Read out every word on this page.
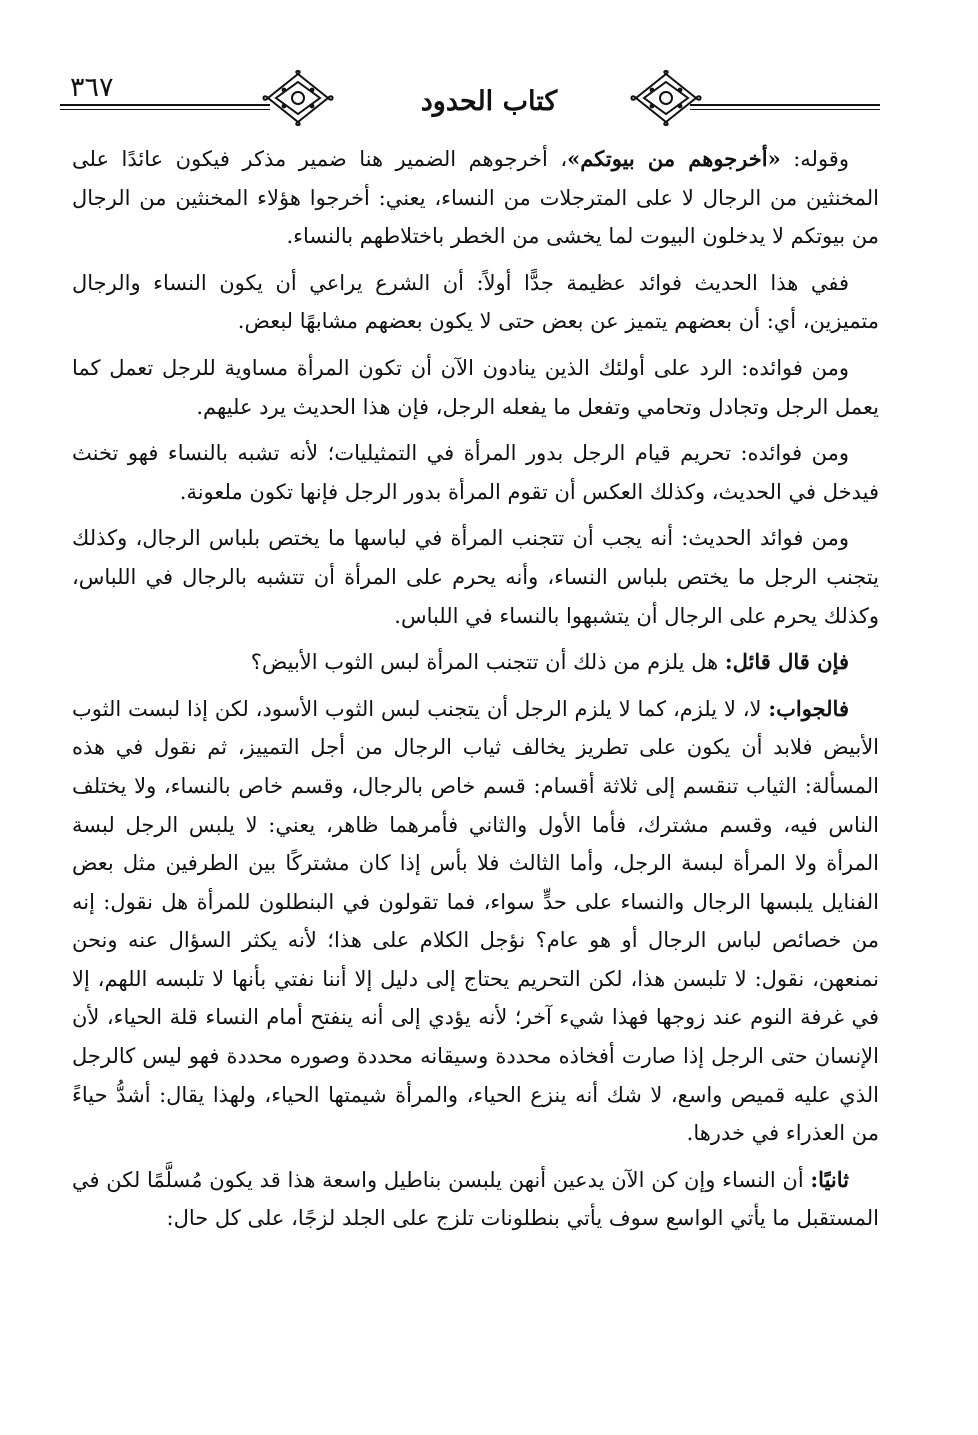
٣٦٧	كتاب الحدود

وقوله: «أخرجوهم من بيوتكم»، أخرجوهم الضمير هنا ضمير مذكر فيكون عائدًا على المخنثين من الرجال لا على المترجلات من النساء، يعني: أخرجوا هؤلاء المخنثين من الرجال من بيوتكم لا يدخلون البيوت لما يخشى من الخطر باختلاطهم بالنساء.

ففي هذا الحديث فوائد عظيمة جدًّا أولاً: أن الشرع يراعي أن يكون النساء والرجال متميزين، أي: أن بعضهم يتميز عن بعض حتى لا يكون بعضهم مشابهًا لبعض.

ومن فوائده: الرد على أولئك الذين ينادون الآن أن تكون المرأة مساوية للرجل تعمل كما يعمل الرجل وتجادل وتحامي وتفعل ما يفعله الرجل، فإن هذا الحديث يرد عليهم.

ومن فوائده: تحريم قيام الرجل بدور المرأة في التمثيليات؛ لأنه تشبه بالنساء فهو تخنث فيدخل في الحديث، وكذلك العكس أن تقوم المرأة بدور الرجل فإنها تكون ملعونة.

ومن فوائد الحديث: أنه يجب أن تتجنب المرأة في لباسها ما يختص بلباس الرجال، وكذلك يتجنب الرجل ما يختص بلباس النساء، وأنه يحرم على المرأة أن تتشبه بالرجال في اللباس، وكذلك يحرم على الرجال أن يتشبهوا بالنساء في اللباس.

فإن قال قائل: هل يلزم من ذلك أن تتجنب المرأة لبس الثوب الأبيض؟

فالجواب: لا، لا يلزم، كما لا يلزم الرجل أن يتجنب لبس الثوب الأسود، لكن إذا لبست الثوب الأبيض فلابد أن يكون على تطريز يخالف ثياب الرجال من أجل التمييز، ثم نقول في هذه المسألة: الثياب تنقسم إلى ثلاثة أقسام: قسم خاص بالرجال، وقسم خاص بالنساء، ولا يختلف الناس فيه، وقسم مشترك، فأما الأول والثاني فأمرهما ظاهر، يعني: لا يلبس الرجل لبسة المرأة ولا المرأة لبسة الرجل، وأما الثالث فلا بأس إذا كان مشتركًا بين الطرفين مثل بعض الفنايل يلبسها الرجال والنساء على حدٍّ سواء، فما تقولون في البنطلون للمرأة هل نقول: إنه من خصائص لباس الرجال أو هو عام؟ نؤجل الكلام على هذا؛ لأنه يكثر السؤال عنه ونحن نمنعهن، نقول: لا تلبسن هذا، لكن التحريم يحتاج إلى دليل إلا أننا نفتي بأنها لا تلبسه اللهم، إلا في غرفة النوم عند زوجها فهذا شيء آخر؛ لأنه يؤدي إلى أنه ينفتح أمام النساء قلة الحياء، لأن الإنسان حتى الرجل إذا صارت أفخاذه محددة وسيقانه محددة وصوره محددة فهو ليس كالرجل الذي عليه قميص واسع، لا شك أنه ينزع الحياء، والمرأة شيمتها الحياء، ولهذا يقال: أشدُّ حياءً من العذراء في خدرها.

ثانيًا: أن النساء وإن كن الآن يدعين أنهن يلبسن بناطيل واسعة هذا قد يكون مُسلَّمًا لكن في المستقبل ما يأتي الواسع سوف يأتي بنطلونات تلزج على الجلد لزجًا، على كل حال:
